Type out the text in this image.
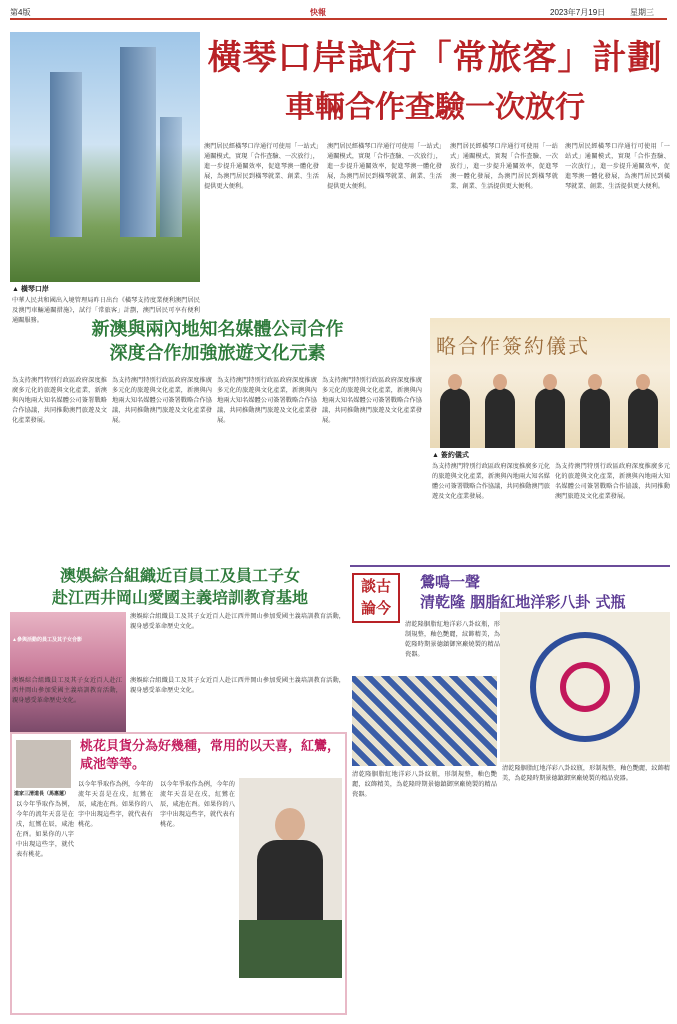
第4版	快報	2023年7月19日	星期三
▲ 橫琴口岸
中華人民共和國出入境管理局昨日出台《橫琴支持度業便利澳門居民及澳門車輛通關措施》，試行「常旅客」計劃，澳門居民可享有便利通關服務。
橫琴口岸試行「常旅客」計劃
車輛合作查驗一次放行
澳門居民經橫琴口岸通行可使用「一站式」通關模式，實現「合作查驗、一次放行」，進一步提升通關效率，促進琴澳一體化發展，為澳門居民到橫琴就業、創業、生活提供更大便利。
澳門居民經橫琴口岸通行可使用「一站式」通關模式，實現「合作查驗、一次放行」，進一步提升通關效率，促進琴澳一體化發展，為澳門居民到橫琴就業、創業、生活提供更大便利。
澳門居民經橫琴口岸通行可使用「一站式」通關模式，實現「合作查驗、一次放行」，進一步提升通關效率，促進琴澳一體化發展，為澳門居民到橫琴就業、創業、生活提供更大便利。
澳門居民經橫琴口岸通行可使用「一站式」通關模式，實現「合作查驗、一次放行」，進一步提升通關效率，促進琴澳一體化發展，為澳門居民到橫琴就業、創業、生活提供更大便利。
新澳與兩內地知名媒體公司合作
深度合作加強旅遊文化元素	略合作簽約儀式
▲ 簽約儀式
為支持澳門特別行政區政府深度推廣多元化的旅遊與文化產業，新澳與內地兩大知名媒體公司簽署戰略合作協議，共同推動澳門旅遊及文化產業發展。
為支持澳門特別行政區政府深度推廣多元化的旅遊與文化產業，新澳與內地兩大知名媒體公司簽署戰略合作協議，共同推動澳門旅遊及文化產業發展。
為支持澳門特別行政區政府深度推廣多元化的旅遊與文化產業，新澳與內地兩大知名媒體公司簽署戰略合作協議，共同推動澳門旅遊及文化產業發展。
為支持澳門特別行政區政府深度推廣多元化的旅遊與文化產業，新澳與內地兩大知名媒體公司簽署戰略合作協議，共同推動澳門旅遊及文化產業發展。
為支持澳門特別行政區政府深度推廣多元化的旅遊與文化產業，新澳與內地兩大知名媒體公司簽署戰略合作協議，共同推動澳門旅遊及文化產業發展。
為支持澳門特別行政區政府深度推廣多元化的旅遊與文化產業，新澳與內地兩大知名媒體公司簽署戰略合作協議，共同推動澳門旅遊及文化產業發展。
澳娛綜合組織近百員工及員工子女
赴江西井岡山愛國主義培訓教育基地
▲參與活動的員工及其子女合影
澳娛綜合組織員工及其子女近百人赴江西井岡山參加愛國主義培訓教育活動，親身感受革命歷史文化。
澳娛綜合組織員工及其子女近百人赴江西井岡山參加愛國主義培訓教育活動，親身感受革命歷史文化。
澳娛綜合組織員工及其子女近百人赴江西井岡山參加愛國主義培訓教育活動，親身感受革命歷史文化。
道家三清道長（馬惠蓮）
桃花貝貨分為好幾種，常用的以天喜，紅鸞，咸池等等。
以今年爭取作為例，今年的流年天喜是在戌，紅鸞在辰，咸池在酉。如果你的八字中出現這些字，就代表有桃花。
以今年爭取作為例，今年的流年天喜是在戌，紅鸞在辰，咸池在酉。如果你的八字中出現這些字，就代表有桃花。
以今年爭取作為例，今年的流年天喜是在戌，紅鸞在辰，咸池在酉。如果你的八字中出現這些字，就代表有桃花。
談古論今
鶯鳴一聲
清乾隆 胭脂紅地洋彩八卦 式瓶
清乾隆胭脂紅地洋彩八卦紋瓶，形制規整，釉色艷麗，紋飾精美，為乾隆時期景德鎮御窯廠燒製的精品瓷器。
清乾隆胭脂紅地洋彩八卦紋瓶，形制規整，釉色艷麗，紋飾精美，為乾隆時期景德鎮御窯廠燒製的精品瓷器。
清乾隆胭脂紅地洋彩八卦紋瓶，形制規整，釉色艷麗，紋飾精美，為乾隆時期景德鎮御窯廠燒製的精品瓷器。
